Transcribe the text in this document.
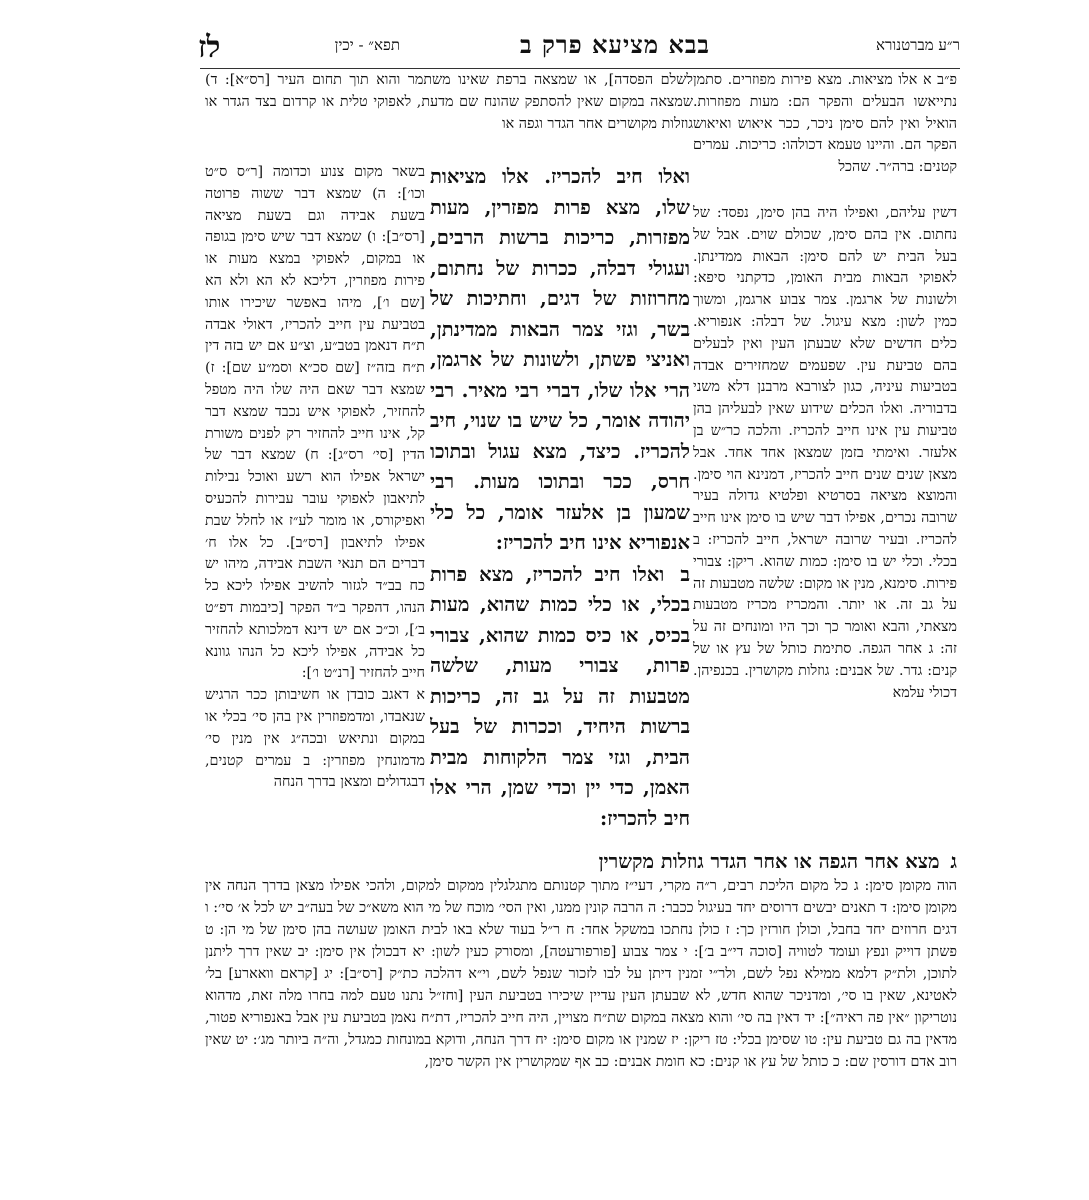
ר״ע מברטנורא
בבא מציעא פרק ב
תפא״ - יכין
לז

פ״ב א אלו מציאות. מצא פירות מפוזרים. סתמן נתייאשו הבעלים והפקר הם: מעות מפוזרות. הואיל ואין להם סימן ניכר, ככר איאוש ואיאוש הפקר הם. והיינו טעמא דכולהו: כריכות. עמרים קטנים: ברה״ר. שהכל

דשין עליהם, ואפילו היה בהן סימן, נפסד: של נחתום. אין בהם סימן, שכולם שוים. אבל של בעל הבית יש להם סימן: הבאות ממדינתן. לאפוקי הבאות מבית האומן, כדקתני סיפא: ולשונות של ארגמן. צמר צבוע ארגמן, ומשוך כמין לשון: מצא עיגול. של דבלה: אנפוריא. כלים חדשים שלא שבעתן העין ואין לבעלים בהם טביעת עין. שפעמים שמחזירים אבדה בטביעות עיניה, כגון לצורבא מרבנן דלא משני בדבוריה. ואלו הכלים שידוע שאין לבעליהן בהן טביעות עין אינו חייב להכריז. והלכה כר״ש בן אלעזר. ואימתי בזמן שמצאן אחד אחד. אבל מצאן שנים שנים חייב להכריז, דמנינא הוי סימן. והמוצא מציאה בסרטיא ופלטיא גדולה בעיר שרובה נכרים, אפילו דבר שיש בו סימן אינו חייב להכריז. ובעיר שרובה ישראל, חייב להכריז: ב בכלי. וכלי יש בו סימן: כמות שהוא. ריקן: צבורי פירות. סימנא, מנין או מקום: שלשה מטבעות זה על גב זה. או יותר. והמכריז מכריז מטבעות מצאתי, והבא ואומר כך וכך היו ומונחים זה על זה: ג אחר הגפה. סתימת כותל של עץ או של קנים: גדר. של אבנים: גוזלות מקושרין. בכנפיהן. דכולי עלמא

לשלם הפסדה], או שמצאה ברפת שאינו משתמר והוא תוך תחום העיר [רס״א]: ד) שמצאה במקום שאין להסתפק שהונח שם מדעת, לאפוקי טלית או קרדום בצד הגדר או גוזלות מקושרים אחר הגדר וגפה או

בשאר מקום צנוע וכדומה [ר״ס ס״ט וכו׳]: ה) שמצא דבר ששוה פרוטה בשעת אבידה וגם בשעת מציאה [רס״ב]: ו) שמצא דבר שיש סימן בגופה או במקום, לאפוקי במצא מעות או פירות מפוזרין, דליכא לא הא ולא הא [שם ו׳], מיהו באפשר שיכירו אותו בטביעת עין חייב להכריז, דאולי אבדה ת״ח דנאמן בטב״ע, וצ״ע אם יש בזה דין ת״ח בזה״ז [שם סכ״א וסמ״ע שם]: ז) שמצא דבר שאם היה שלו היה מטפל להחזיר, לאפוקי איש נכבד שמצא דבר קל, אינו חייב להחזיר רק לפנים משורת הדין [סי׳ רס״ג]: ח) שמצא דבר של ישראל אפילו הוא רשע ואוכל נבילות לתיאבון לאפוקי עובר עבירות להכעיס ואפיקורס, או מומר לע״ז או לחלל שבת אפילו לתיאבון [רס״ב]. כל אלו ח׳ דברים הם תנאי השבת אבידה, מיהו יש כח בב״ד לגזור להשיב אפילו ליכא כל הנהו, דהפקר ב״ד הפקר [כיבמות דפ״ט ב׳], וכ״כ אם יש דינא דמלכותא להחזיר כל אבידה, אפילו ליכא כל הנהו גוונא חייב להחזיר [רנ״ט ו׳]:

א דאגב כובדן או חשיבותן ככר הרגיש שנאבדו, ומדמפוזרין אין בהן סי׳ בכלי או במקום ונתיאש ובכה״ג אין מנין סי׳ מדמונחין מפוזרין: ב עמרים קטנים, דבגדולים ומצאן בדרך הנחה

ואלו חיב להכריז. אלו מציאות שלו, מצא פרות מפזרין, מעות מפזרות, כריכות ברשות הרבים, ועגולי דבלה, ככרות של נחתום, מחרוזות של דגים, וחתיכות של בשר, וגזי צמר הבאות ממדינתן, ואניצי פשתן, ולשונות של ארגמן, הרי אלו שלו, דברי רבי מאיר. רבי יהודה אומר, כל שיש בו שנוי, חיב להכריז. כיצד, מצא עגול ובתוכו חרס, ככר ובתוכו מעות. רבי שמעון בן אלעזר אומר, כל כלי אנפוריא אינו חיב להכריז:

ב ואלו חיב להכריז, מצא פרות בכלי, או כלי כמות שהוא, מעות בכיס, או כיס כמות שהוא, צבורי פרות, צבורי מעות, שלשה מטבעות זה על גב זה, כריכות ברשות היחיד, וככרות של בעל הבית, וגזי צמר הלקוחות מבית האמן, כדי יין וכדי שמן, הרי אלו חיב להכריז:

ג מצא אחר הגפה או אחר הגדר גוזלות מקשרין

הוה מקומן סימן: ג כל מקום הליכת רבים, ר״ה מקרי, דעי״ז מתוך קטנותם מתגלגלין ממקום למקום, ולהכי אפילו מצאן בדרך הנחה אין מקומן סימן: ד תאנים יבשים דרוסים יחד בעיגול ככבר: ה הרבה קונין ממנו, ואין הסי׳ מוכח של מי הוא משא״כ של בעה״ב יש לכל א׳ סי׳: ו דגים חרוזים יחד בחבל, וכולן חורזין כך: ז כולן נחתכו במשקל אחד: ח ר״ל בעוד שלא באו לבית האומן שעושה בהן סימן של מי הן: ט פשתן דוייק ונפץ ועומד לטוויה [סוכה די״ב ב׳]: י צמר צבוע [פורפורעטה], ומסורק כעין לשון: יא דבכולן אין סימן: יב שאין דרך ליתנן לתוכן, ולת״ק דלמא ממילא נפל לשם, ולר״י זמנין דיתן על לבו לזכור שנפל לשם, וי״א דהלכה כת״ק [רס״ב]: יג [קראם וואארע] בל׳ לאטינא, שאין בו סי׳, ומדניכר שהוא חדש, לא שבעתן העין עדיין שיכירו בטביעת העין [וחז״ל נתנו טעם למה בחרו מלה זאת, מדהוא נוטריקון ״אין פה ראיה״]: יד דאין בה סי׳ והוא מצאה במקום שת״ח מצויין, היה חייב להכריז, דת״ח נאמן בטביעת עין אבל באנפוריא פטור, מדאין בה גם טביעת עין: טו שסימן בכלי: טז ריקן: יז שמנין או מקום סימן: יח דרך הנחה, ודוקא במונחות כמגדל, וה״ה ביותר מג׳: יט שאין רוב אדם דורסין שם: כ כותל של עץ או קנים: כא חומת אבנים: כב אף שמקושרין אין הקשר סימן,
